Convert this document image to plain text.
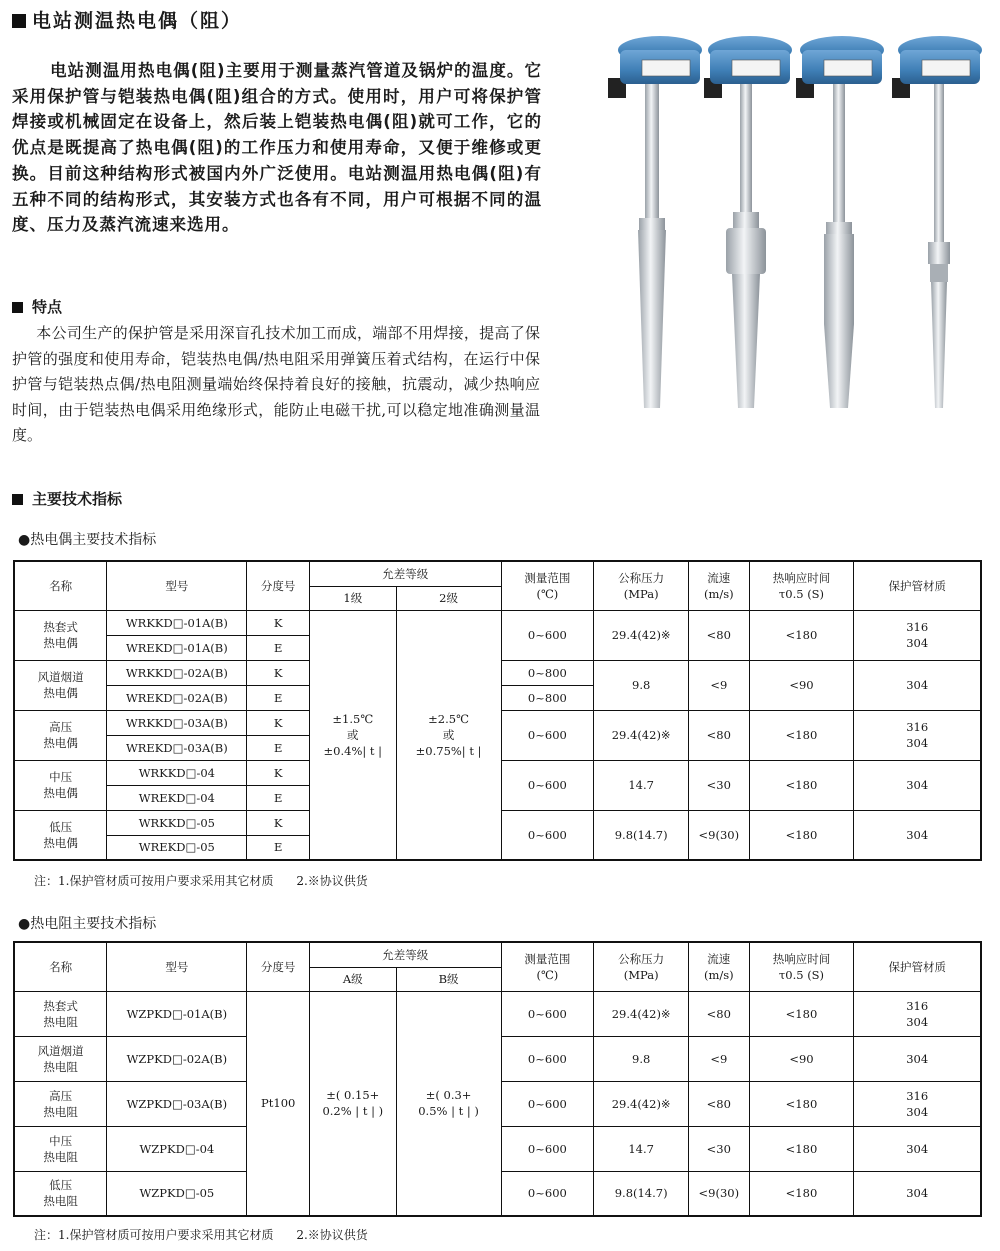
电站测温热电偶（阻）
电站测温用热电偶(阻)主要用于测量蒸汽管道及锅炉的温度。它采用保护管与铠装热电偶(阻)组合的方式。使用时，用户可将保护管焊接或机械固定在设备上，然后装上铠装热电偶(阻)就可工作，它的优点是既提高了热电偶(阻)的工作压力和使用寿命，又便于维修或更换。目前这种结构形式被国内外广泛使用。电站测温用热电偶(阻)有五种不同的结构形式，其安装方式也各有不同，用户可根据不同的温度、压力及蒸汽流速来选用。
特点
本公司生产的保护管是采用深盲孔技术加工而成，端部不用焊接，提高了保护管的强度和使用寿命，铠装热电偶/热电阻采用弹簧压着式结构，在运行中保护管与铠装热点偶/热电阻测量端始终保持着良好的接触，抗震动，减少热响应时间，由于铠装热电偶采用绝缘形式，能防止电磁干扰,可以稳定地准确测量温度。
主要技术指标
●热电偶主要技术指标
名称	型号	分度号	允差等级		测量范围
(℃)	公称压力
(MPa)	流速
(m/s)	热响应时间
τ0.5 (S)	保护管材质
			1级	2级					
热套式
热电偶	WRKKD□-01A(B)	K	±1.5℃
或
±0.4%| t |	±2.5℃
或
±0.75%| t |	0~600	29.4(42)※	<80	<180	316
304
	WREKD□-01A(B)	E							
风道烟道
热电偶	WRKKD□-02A(B)	K			0~800	9.8	<9	<90	304
	WREKD□-02A(B)	E			0~800				
高压
热电偶	WRKKD□-03A(B)	K			0~600	29.4(42)※	<80	<180	316
304
	WREKD□-03A(B)	E							
中压
热电偶	WRKKD□-04	K			0~600	14.7	<30	<180	304
	WREKD□-04	E							
低压
热电偶	WRKKD□-05	K			0~600	9.8(14.7)	<9(30)	<180	304
	WREKD□-05	E							
注：1.保护管材质可按用户要求采用其它材质      2.※协议供货
●热电阻主要技术指标
名称	型号	分度号	允差等级		测量范围
(℃)	公称压力
(MPa)	流速
(m/s)	热响应时间
τ0.5 (S)	保护管材质
			A级	B级					
热套式
热电阻	WZPKD□-01A(B)	Pt100	±( 0.15+
0.2% | t | )	±( 0.3+
0.5% | t | )	0~600	29.4(42)※	<80	<180	316
304
风道烟道
热电阻	WZPKD□-02A(B)				0~600	9.8	<9	<90	304
高压
热电阻	WZPKD□-03A(B)				0~600	29.4(42)※	<80	<180	316
304
中压
热电阻	WZPKD□-04				0~600	14.7	<30	<180	304
低压
热电阻	WZPKD□-05				0~600	9.8(14.7)	<9(30)	<180	304
注：1.保护管材质可按用户要求采用其它材质      2.※协议供货
